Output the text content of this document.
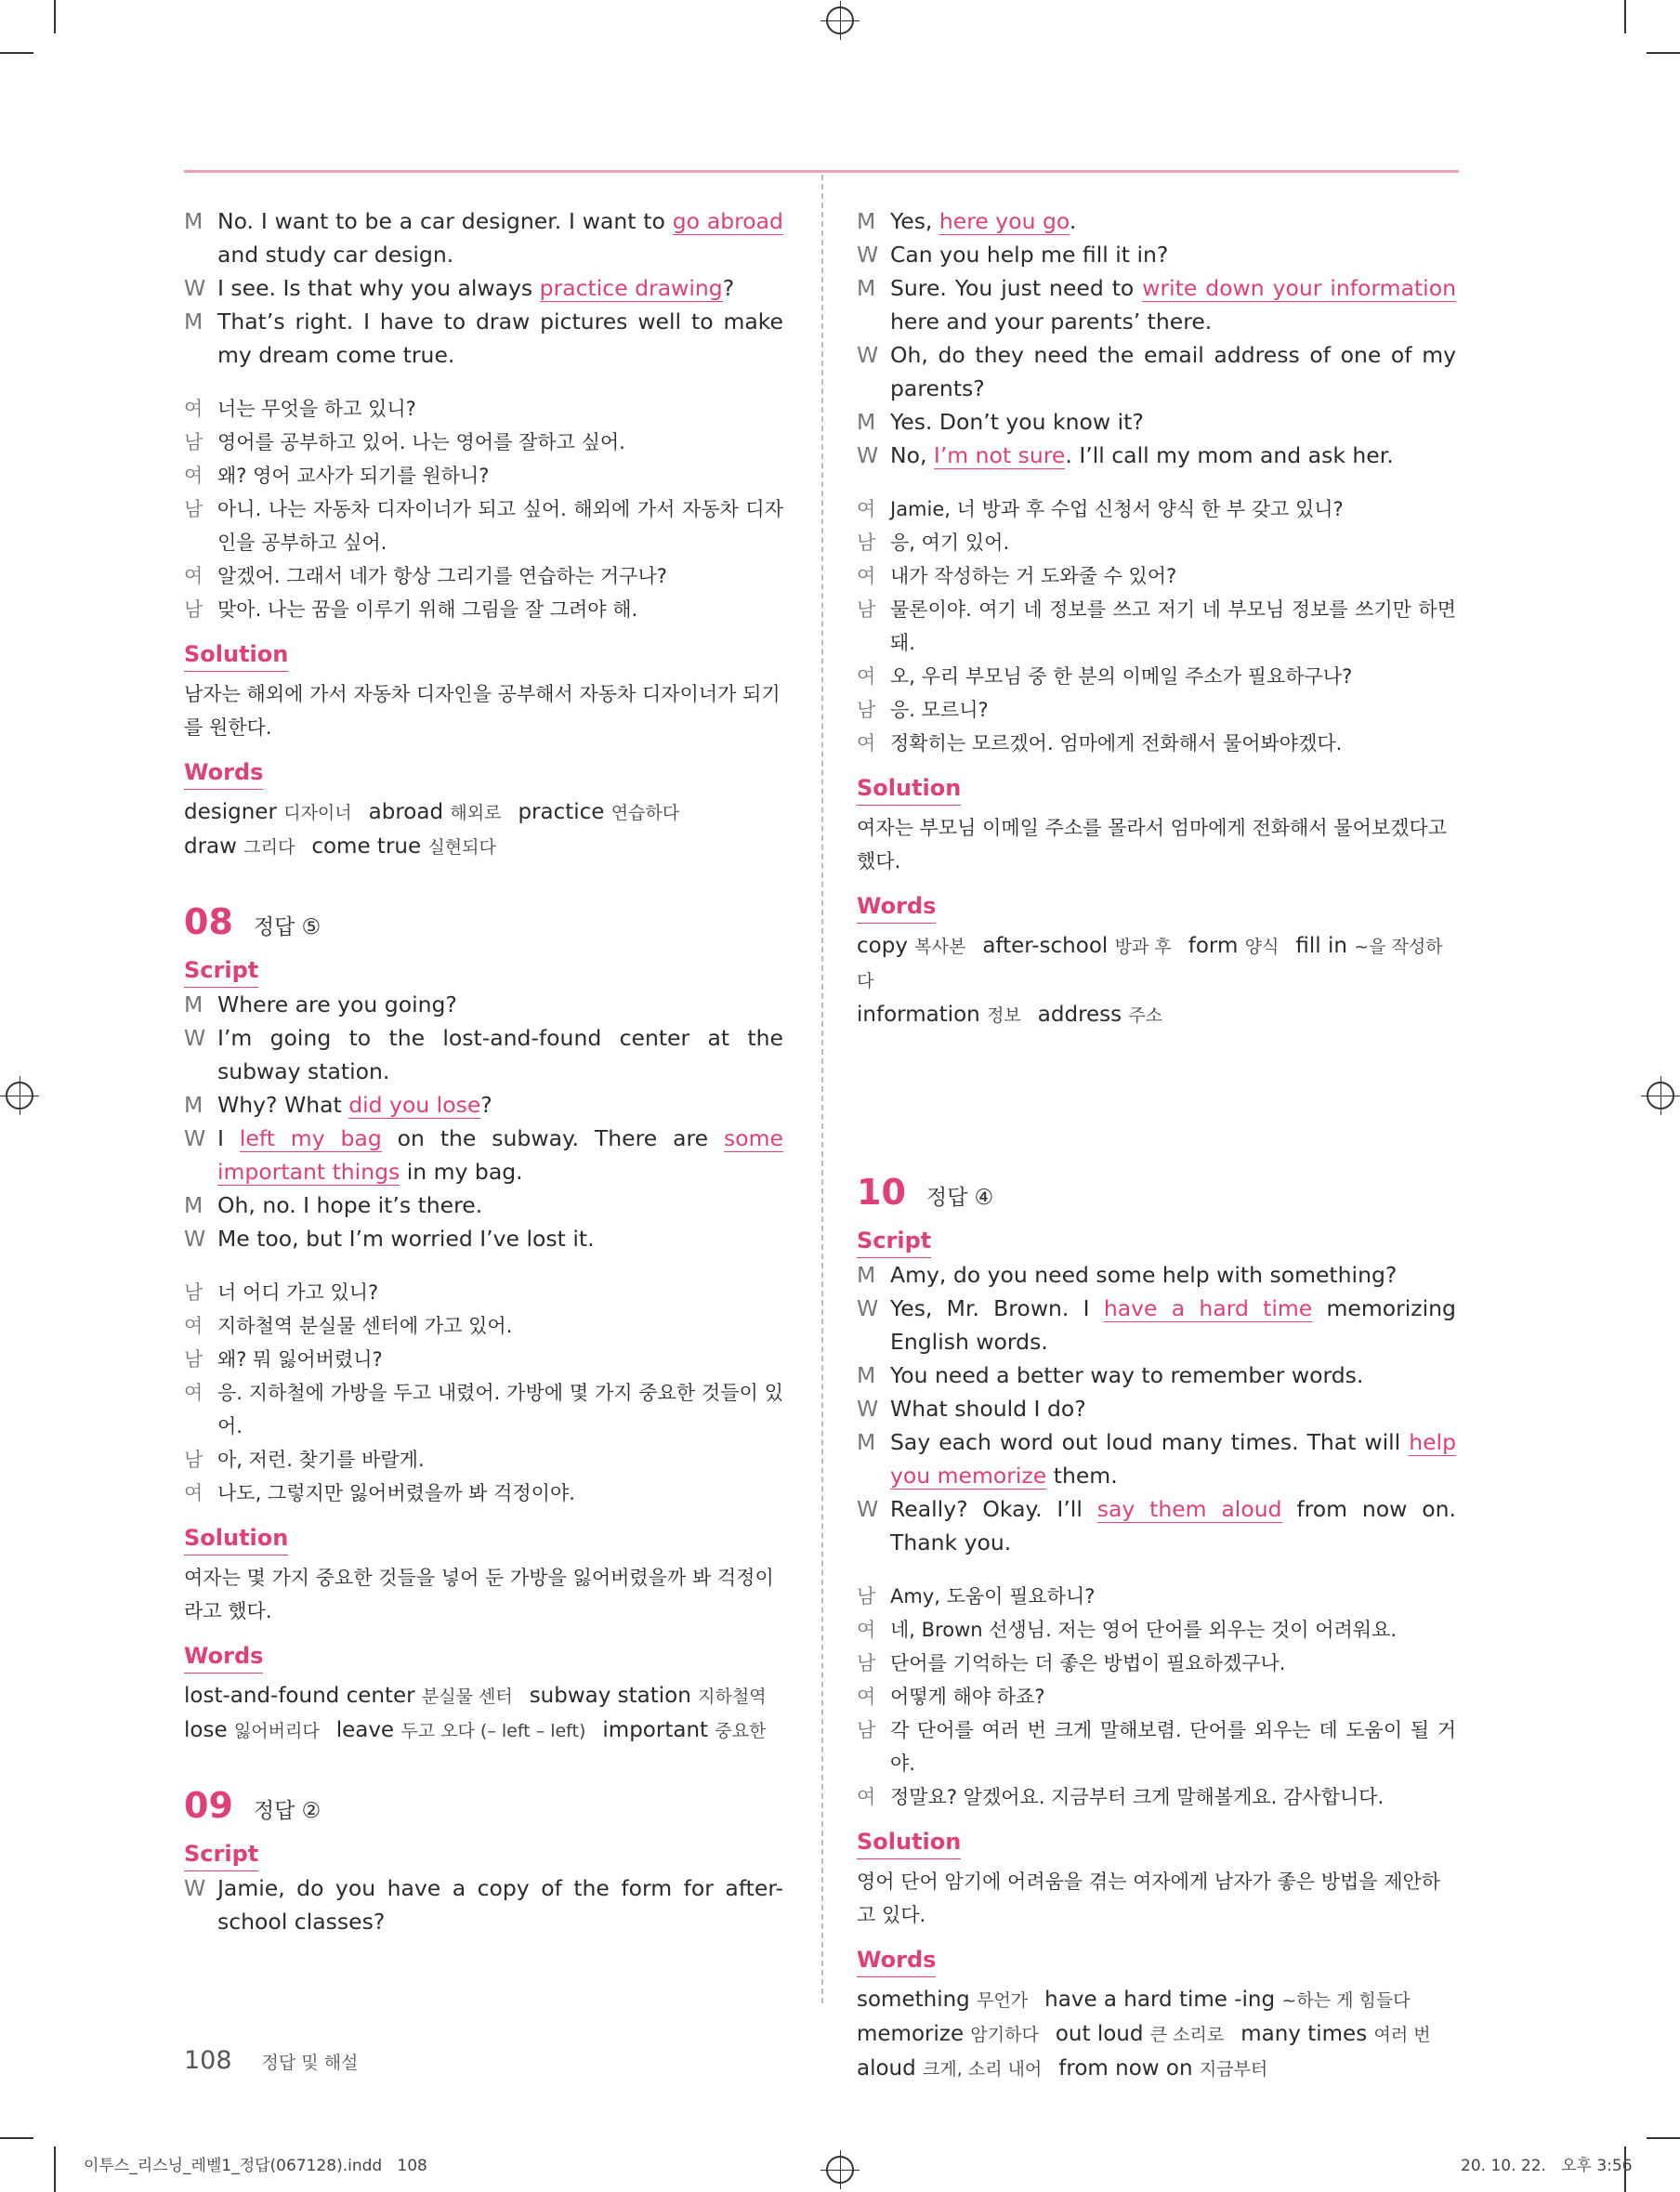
M No. I want to be a car designer. I want to go abroad and study car design.
W I see. Is that why you always practice drawing?
M That’s right. I have to draw pictures well to make my dream come true.
여 너는 무엇을 하고 있니?
남 영어를 공부하고 있어. 나는 영어를 잘하고 싶어.
여 왜? 영어 교사가 되기를 원하니?
남 아니. 나는 자동차 디자이너가 되고 싶어. 해외에 가서 자동차 디자인을 공부하고 싶어.
여 알겠어. 그래서 네가 항상 그리기를 연습하는 거구나?
남 맞아. 나는 꿈을 이루기 위해 그림을 잘 그려야 해.
Solution
남자는 해외에 가서 자동차 디자인을 공부해서 자동차 디자이너가 되기를 원한다.
Words
designer 디자이너 abroad 해외로 practice 연습하다
draw 그리다 come true 실현되다
08 정답 ⑤
Script
M Where are you going?
W I’m going to the lost-and-found center at the subway station.
M Why? What did you lose?
W I left my bag on the subway. There are some important things in my bag.
M Oh, no. I hope it’s there.
W Me too, but I’m worried I’ve lost it.
남 너 어디 가고 있니?
여 지하철역 분실물 센터에 가고 있어.
남 왜? 뭐 잃어버렸니?
여 응. 지하철에 가방을 두고 내렸어. 가방에 몇 가지 중요한 것들이 있어.
남 아, 저런. 찾기를 바랄게.
여 나도, 그렇지만 잃어버렸을까 봐 걱정이야.
Solution
여자는 몇 가지 중요한 것들을 넣어 둔 가방을 잃어버렸을까 봐 걱정이라고 했다.
Words
lost-and-found center 분실물 센터 subway station 지하철역
lose 잃어버리다 leave 두고 오다 (– left – left) important 중요한
09 정답 ②
Script
W Jamie, do you have a copy of the form for after-school classes?
M Yes, here you go.
W Can you help me fill it in?
M Sure. You just need to write down your information here and your parents’ there.
W Oh, do they need the email address of one of my parents?
M Yes. Don’t you know it?
W No, I’m not sure. I’ll call my mom and ask her.
여 Jamie, 너 방과 후 수업 신청서 양식 한 부 갖고 있니?
남 응, 여기 있어.
여 내가 작성하는 거 도와줄 수 있어?
남 물론이야. 여기 네 정보를 쓰고 저기 네 부모님 정보를 쓰기만 하면 돼.
여 오, 우리 부모님 중 한 분의 이메일 주소가 필요하구나?
남 응. 모르니?
여 정확히는 모르겠어. 엄마에게 전화해서 물어봐야겠다.
Solution
여자는 부모님 이메일 주소를 몰라서 엄마에게 전화해서 물어보겠다고 했다.
Words
copy 복사본 after-school 방과 후 form 양식 fill in ~을 작성하다
information 정보 address 주소
10 정답 ④
Script
M Amy, do you need some help with something?
W Yes, Mr. Brown. I have a hard time memorizing English words.
M You need a better way to remember words.
W What should I do?
M Say each word out loud many times. That will help you memorize them.
W Really? Okay. I’ll say them aloud from now on. Thank you.
남 Amy, 도움이 필요하니?
여 네, Brown 선생님. 저는 영어 단어를 외우는 것이 어려워요.
남 단어를 기억하는 더 좋은 방법이 필요하겠구나.
여 어떻게 해야 하죠?
남 각 단어를 여러 번 크게 말해보렴. 단어를 외우는 데 도움이 될 거야.
여 정말요? 알겠어요. 지금부터 크게 말해볼게요. 감사합니다.
Solution
영어 단어 암기에 어려움을 겪는 여자에게 남자가 좋은 방법을 제안하고 있다.
Words
something 무언가 have a hard time -ing ~하는 게 힘들다
memorize 암기하다 out loud 큰 소리로 many times 여러 번
aloud 크게, 소리 내어 from now on 지금부터
108 정답 및 해설
이투스_리스닝_레벨1_정답(067128).indd   108	20. 10. 22.   오후 3:56
